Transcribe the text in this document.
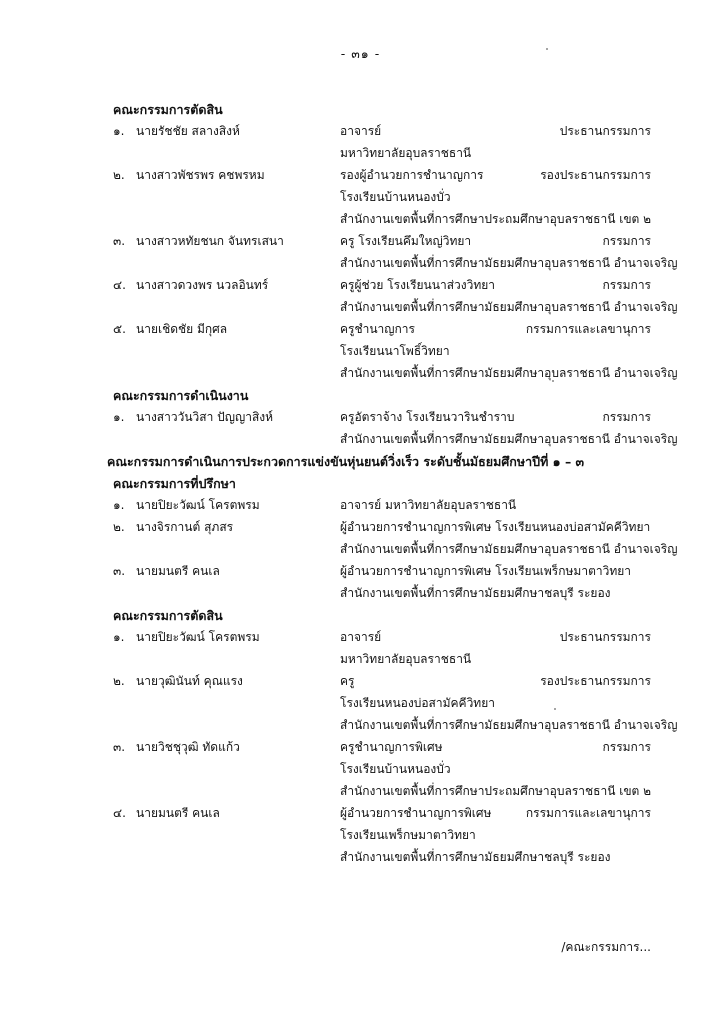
- ๓๑ -
คณะกรรมการตัดสิน
๑. นายรัชชัย สลางสิงห์	อาจารย์	ประธานกรรมการ
มหาวิทยาลัยอุบลราชธานี
๒. นางสาวพัชรพร คชพรหม	รองผู้อำนวยการชำนาญการ	รองประธานกรรมการ
โรงเรียนบ้านหนองบั่ว
สำนักงานเขตพื้นที่การศึกษาประถมศึกษาอุบลราชธานี เขต ๒
๓. นางสาวหทัยชนก จันทรเสนา	ครู โรงเรียนคึมใหญ่วิทยา	กรรมการ
สำนักงานเขตพื้นที่การศึกษามัธยมศึกษาอุบลราชธานี อำนาจเจริญ
๔. นางสาวดวงพร นวลอินทร์	ครูผู้ช่วย โรงเรียนนาส่วงวิทยา	กรรมการ
สำนักงานเขตพื้นที่การศึกษามัธยมศึกษาอุบลราชธานี อำนาจเจริญ
๕. นายเชิดชัย มีกุศล	ครูชำนาญการ	กรรมการและเลขานุการ
โรงเรียนนาโพธิ์วิทยา
สำนักงานเขตพื้นที่การศึกษามัธยมศึกษาอุบลราชธานี อำนาจเจริญ
คณะกรรมการดำเนินงาน
๑. นางสาววันวิสา ปัญญาสิงห์	ครูอัตราจ้าง โรงเรียนวารินชำราบ	กรรมการ
สำนักงานเขตพื้นที่การศึกษามัธยมศึกษาอุบลราชธานี อำนาจเจริญ
คณะกรรมการดำเนินการประกวดการแข่งขันหุ่นยนต์วิ่งเร็ว ระดับชั้นมัธยมศึกษาปีที่ ๑ – ๓
คณะกรรมการที่ปรึกษา
๑. นายปิยะวัฒน์ โครตพรม	อาจารย์ มหาวิทยาลัยอุบลราชธานี
๒. นางจิรกานต์ สุภสร	ผู้อำนวยการชำนาญการพิเศษ โรงเรียนหนองบ่อสามัคคีวิทยา
สำนักงานเขตพื้นที่การศึกษามัธยมศึกษาอุบลราชธานี อำนาจเจริญ
๓. นายมนตรี คนเล	ผู้อำนวยการชำนาญการพิเศษ โรงเรียนเพร็กษมาตาวิทยา
สำนักงานเขตพื้นที่การศึกษามัธยมศึกษาชลบุรี ระยอง
คณะกรรมการตัดสิน
๑. นายปิยะวัฒน์ โครตพรม	อาจารย์	ประธานกรรมการ
มหาวิทยาลัยอุบลราชธานี
๒. นายวุฒินันท์ คุณแรง	ครู	รองประธานกรรมการ
โรงเรียนหนองบ่อสามัคคีวิทยา
สำนักงานเขตพื้นที่การศึกษามัธยมศึกษาอุบลราชธานี อำนาจเจริญ
๓. นายวิชชุวุฒิ ทัดแก้ว	ครูชำนาญการพิเศษ	กรรมการ
โรงเรียนบ้านหนองบั่ว
สำนักงานเขตพื้นที่การศึกษาประถมศึกษาอุบลราชธานี เขต ๒
๔. นายมนตรี คนเล	ผู้อำนวยการชำนาญการพิเศษ	กรรมการและเลขานุการ
โรงเรียนเพร็กษมาตาวิทยา
สำนักงานเขตพื้นที่การศึกษามัธยมศึกษาชลบุรี ระยอง
/คณะกรรมการ...
